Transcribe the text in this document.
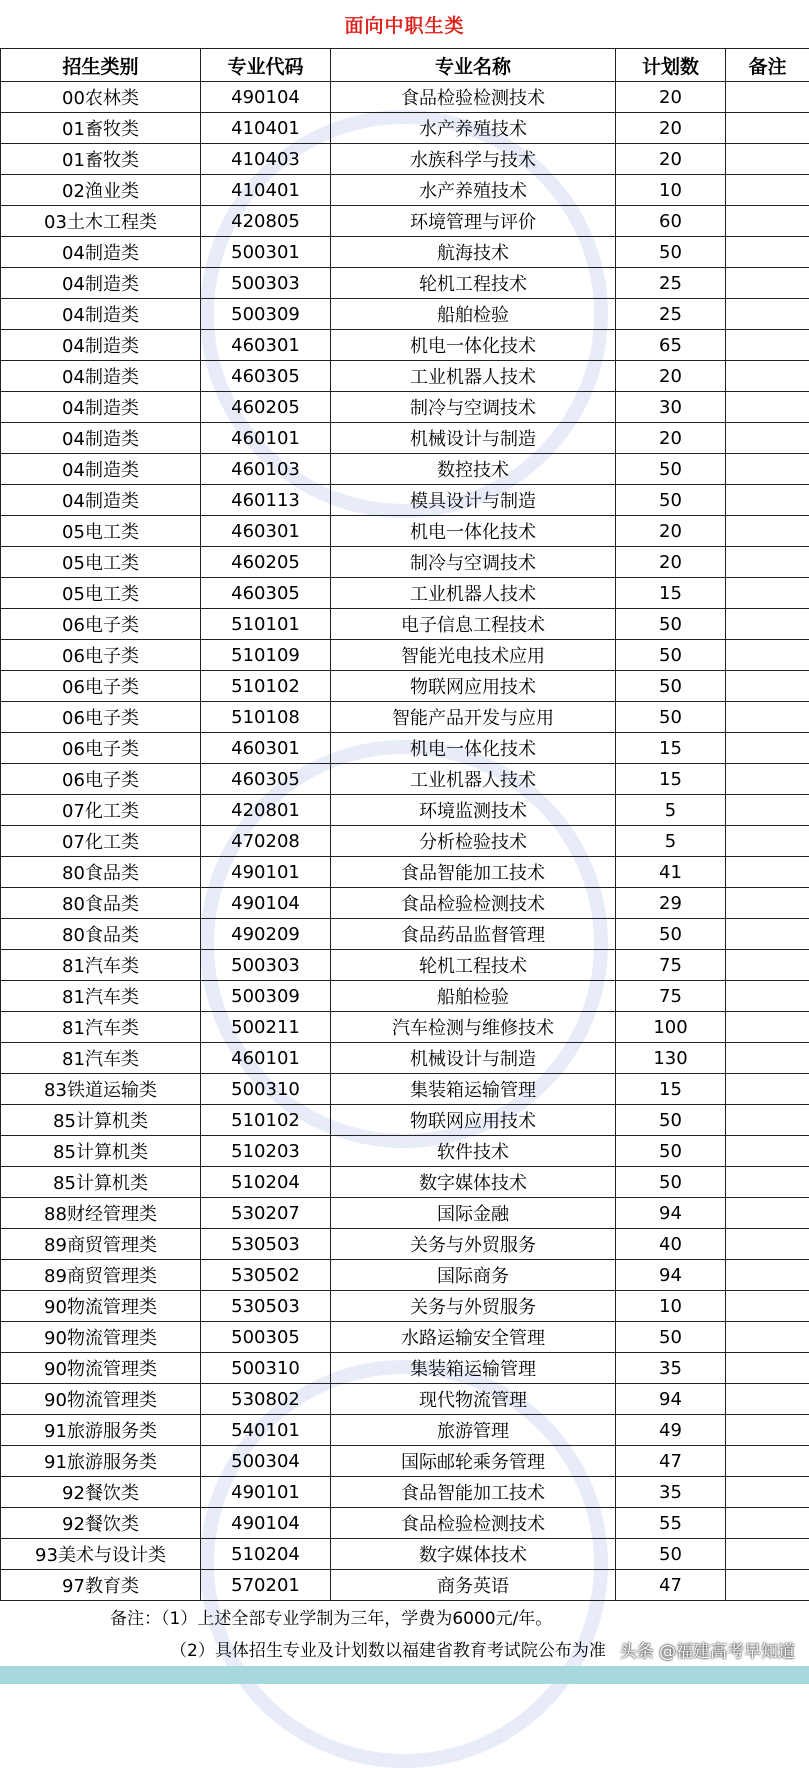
面向中职生类
招生类别	专业代码	专业名称	计划数	备注
00农林类	490104	食品检验检测技术	20	
01畜牧类	410401	水产养殖技术	20	
01畜牧类	410403	水族科学与技术	20	
02渔业类	410401	水产养殖技术	10	
03土木工程类	420805	环境管理与评价	60	
04制造类	500301	航海技术	50	
04制造类	500303	轮机工程技术	25	
04制造类	500309	船舶检验	25	
04制造类	460301	机电一体化技术	65	
04制造类	460305	工业机器人技术	20	
04制造类	460205	制冷与空调技术	30	
04制造类	460101	机械设计与制造	20	
04制造类	460103	数控技术	50	
04制造类	460113	模具设计与制造	50	
05电工类	460301	机电一体化技术	20	
05电工类	460205	制冷与空调技术	20	
05电工类	460305	工业机器人技术	15	
06电子类	510101	电子信息工程技术	50	
06电子类	510109	智能光电技术应用	50	
06电子类	510102	物联网应用技术	50	
06电子类	510108	智能产品开发与应用	50	
06电子类	460301	机电一体化技术	15	
06电子类	460305	工业机器人技术	15	
07化工类	420801	环境监测技术	5	
07化工类	470208	分析检验技术	5	
80食品类	490101	食品智能加工技术	41	
80食品类	490104	食品检验检测技术	29	
80食品类	490209	食品药品监督管理	50	
81汽车类	500303	轮机工程技术	75	
81汽车类	500309	船舶检验	75	
81汽车类	500211	汽车检测与维修技术	100	
81汽车类	460101	机械设计与制造	130	
83铁道运输类	500310	集装箱运输管理	15	
85计算机类	510102	物联网应用技术	50	
85计算机类	510203	软件技术	50	
85计算机类	510204	数字媒体技术	50	
88财经管理类	530207	国际金融	94	
89商贸管理类	530503	关务与外贸服务	40	
89商贸管理类	530502	国际商务	94	
90物流管理类	530503	关务与外贸服务	10	
90物流管理类	500305	水路运输安全管理	50	
90物流管理类	500310	集装箱运输管理	35	
90物流管理类	530802	现代物流管理	94	
91旅游服务类	540101	旅游管理	49	
91旅游服务类	500304	国际邮轮乘务管理	47	
92餐饮类	490101	食品智能加工技术	35	
92餐饮类	490104	食品检验检测技术	55	
93美术与设计类	510204	数字媒体技术	50	
97教育类	570201	商务英语	47	
备注：（1）上述全部专业学制为三年，学费为6000元/年。
（2）具体招生专业及计划数以福建省教育考试院公布为准 头条 @福建高考早知道
